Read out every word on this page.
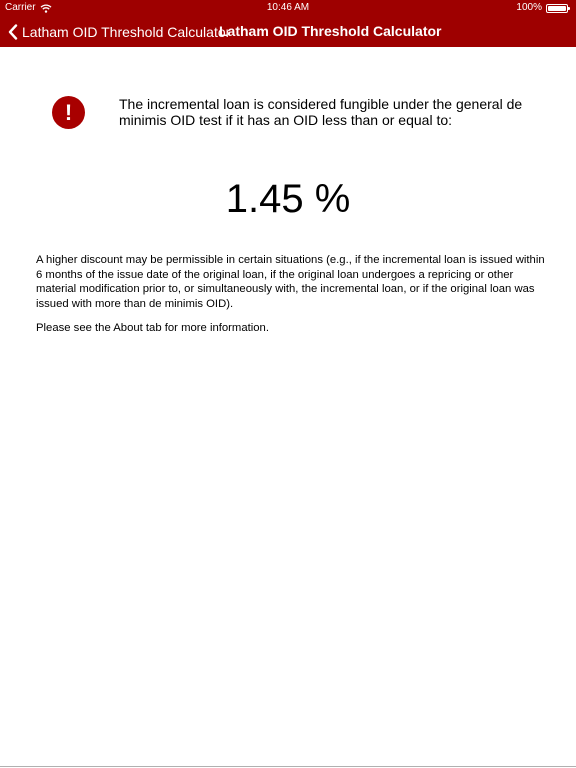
Carrier	10:46 AM	100%
Latham OID Threshold Calculator
Latham OID Threshold Calculator
!	The incremental loan is considered fungible under the general de minimis OID test if it has an OID less than or equal to:
1.45 %

A higher discount may be permissible in certain situations (e.g., if the incremental loan is issued within 6 months of the issue date of the original loan, if the original loan undergoes a repricing or other material modification prior to, or simultaneously with, the incremental loan, or if the original loan was issued with more than de minimis OID).

Please see the About tab for more information.
